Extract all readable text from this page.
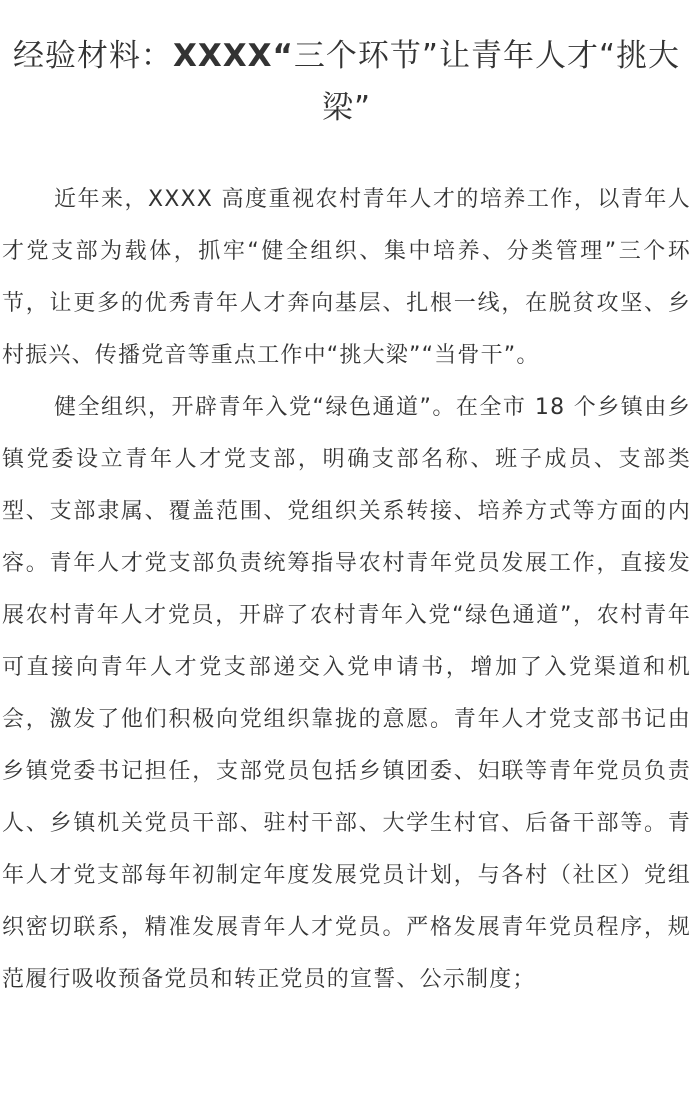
经验材料：XXXX“三个环节”让青年人才“挑大梁”

近年来，XXXX 高度重视农村青年人才的培养工作，以青年人才党支部为载体，抓牢“健全组织、集中培养、分类管理”三个环节，让更多的优秀青年人才奔向基层、扎根一线，在脱贫攻坚、乡村振兴、传播党音等重点工作中“挑大梁”“当骨干”。

健全组织，开辟青年入党“绿色通道”。在全市 18 个乡镇由乡镇党委设立青年人才党支部，明确支部名称、班子成员、支部类型、支部隶属、覆盖范围、党组织关系转接、培养方式等方面的内容。青年人才党支部负责统筹指导农村青年党员发展工作，直接发展农村青年人才党员，开辟了农村青年入党“绿色通道”，农村青年可直接向青年人才党支部递交入党申请书，增加了入党渠道和机会，激发了他们积极向党组织靠拢的意愿。青年人才党支部书记由乡镇党委书记担任，支部党员包括乡镇团委、妇联等青年党员负责人、乡镇机关党员干部、驻村干部、大学生村官、后备干部等。青年人才党支部每年初制定年度发展党员计划，与各村（社区）党组织密切联系，精准发展青年人才党员。严格发展青年党员程序，规范履行吸收预备党员和转正党员的宣誓、公示制度；
